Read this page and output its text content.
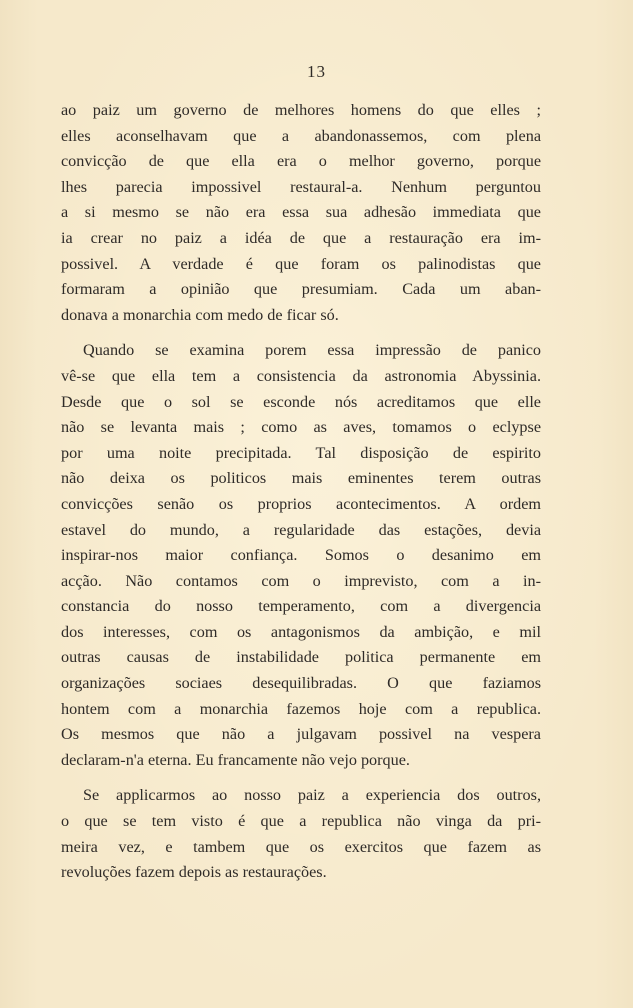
13

ao paiz um governo de melhores homens do que elles ;
elles aconselhavam que a abandonassemos, com plena
convicção de que ella era o melhor governo, porque
lhes parecia impossivel restaural-a. Nenhum perguntou
a si mesmo se não era essa sua adhesão immediata que
ia crear no paiz a idéa de que a restauração era im-
possivel. A verdade é que foram os palinodistas que
formaram a opinião que presumiam. Cada um aban-
donava a monarchia com medo de ficar só.

Quando se examina porem essa impressão de panico
vê-se que ella tem a consistencia da astronomia Abyssinia.
Desde que o sol se esconde nós acreditamos que elle
não se levanta mais ; como as aves, tomamos o eclypse
por uma noite precipitada. Tal disposição de espirito
não deixa os politicos mais eminentes terem outras
convicções senão os proprios acontecimentos. A ordem
estavel do mundo, a regularidade das estações, devia
inspirar-nos maior confiança. Somos o desanimo em
acção. Não contamos com o imprevisto, com a in-
constancia do nosso temperamento, com a divergencia
dos interesses, com os antagonismos da ambição, e mil
outras causas de instabilidade politica permanente em
organizações sociaes desequilibradas. O que faziamos
hontem com a monarchia fazemos hoje com a republica.
Os mesmos que não a julgavam possivel na vespera
declaram-n'a eterna. Eu francamente não vejo porque.

Se applicarmos ao nosso paiz a experiencia dos outros,
o que se tem visto é que a republica não vinga da pri-
meira vez, e tambem que os exercitos que fazem as
revoluções fazem depois as restaurações.
